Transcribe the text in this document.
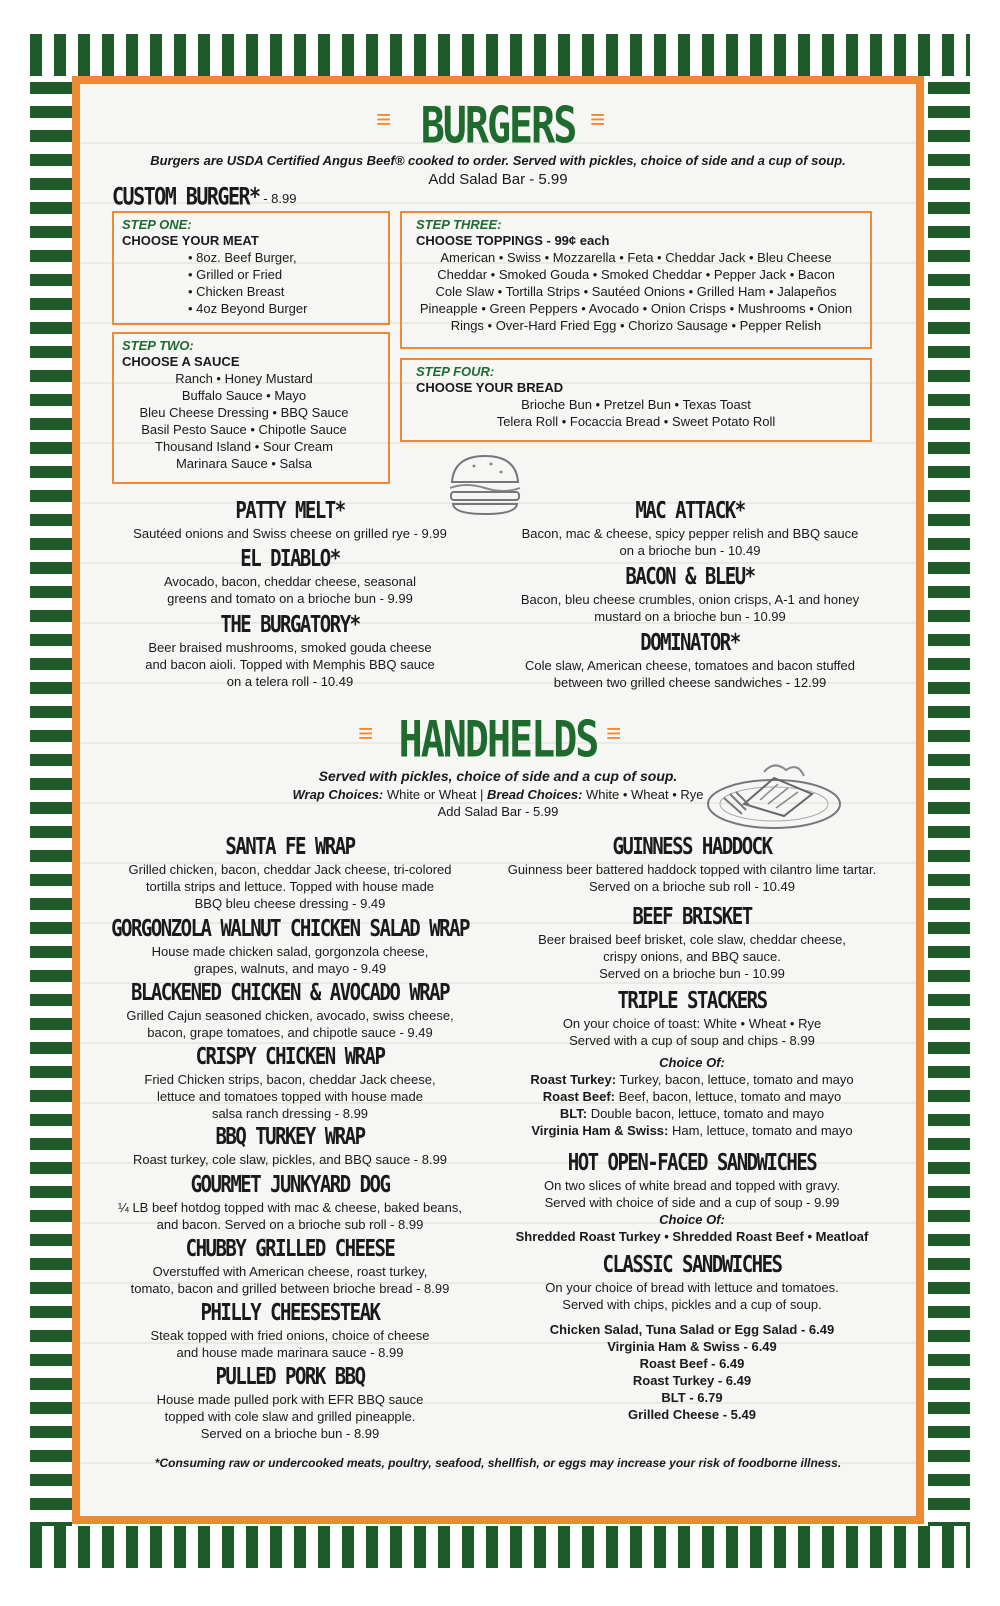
≡ BURGERS ≡
Burgers are USDA Certified Angus Beef® cooked to order. Served with pickles, choice of side and a cup of soup.
Add Salad Bar - 5.99
CUSTOM BURGER* - 8.99
STEP ONE:
CHOOSE YOUR MEAT
• 8oz. Beef Burger,
• Grilled or Fried
• Chicken Breast
• 4oz Beyond Burger
STEP TWO:
CHOOSE A SAUCE
Ranch • Honey Mustard
Buffalo Sauce • Mayo
Bleu Cheese Dressing • BBQ Sauce
Basil Pesto Sauce • Chipotle Sauce
Thousand Island • Sour Cream
Marinara Sauce • Salsa
STEP THREE:
CHOOSE TOPPINGS - 99¢ each
American • Swiss • Mozzarella • Feta • Cheddar Jack • Bleu Cheese
Cheddar • Smoked Gouda • Smoked Cheddar • Pepper Jack • Bacon
Cole Slaw • Tortilla Strips • Sautéed Onions • Grilled Ham • Jalapeños
Pineapple • Green Peppers • Avocado • Onion Crisps • Mushrooms • Onion
Rings • Over-Hard Fried Egg • Chorizo Sausage • Pepper Relish
STEP FOUR:
CHOOSE YOUR BREAD
Brioche Bun • Pretzel Bun • Texas Toast
Telera Roll • Focaccia Bread • Sweet Potato Roll
PATTY MELT*
Sautéed onions and Swiss cheese on grilled rye - 9.99
EL DIABLO*
Avocado, bacon, cheddar cheese, seasonal
greens and tomato on a brioche bun - 9.99
THE BURGATORY*
Beer braised mushrooms, smoked gouda cheese
and bacon aioli. Topped with Memphis BBQ sauce
on a telera roll - 10.49
MAC ATTACK*
Bacon, mac & cheese, spicy pepper relish and BBQ sauce
on a brioche bun - 10.49
BACON & BLEU*
Bacon, bleu cheese crumbles, onion crisps, A-1 and honey
mustard on a brioche bun - 10.99
DOMINATOR*
Cole slaw, American cheese, tomatoes and bacon stuffed
between two grilled cheese sandwiches - 12.99
≡ HANDHELDS ≡
Served with pickles, choice of side and a cup of soup.
Wrap Choices: White or Wheat | Bread Choices: White • Wheat • Rye
Add Salad Bar - 5.99
SANTA FE WRAP
Grilled chicken, bacon, cheddar Jack cheese, tri-colored
tortilla strips and lettuce. Topped with house made
BBQ bleu cheese dressing - 9.49
GORGONZOLA WALNUT CHICKEN SALAD WRAP
House made chicken salad, gorgonzola cheese,
grapes, walnuts, and mayo - 9.49
BLACKENED CHICKEN & AVOCADO WRAP
Grilled Cajun seasoned chicken, avocado, swiss cheese,
bacon, grape tomatoes, and chipotle sauce - 9.49
CRISPY CHICKEN WRAP
Fried Chicken strips, bacon, cheddar Jack cheese,
lettuce and tomatoes topped with house made
salsa ranch dressing - 8.99
BBQ TURKEY WRAP
Roast turkey, cole slaw, pickles, and BBQ sauce - 8.99
GOURMET JUNKYARD DOG
¼ LB beef hotdog topped with mac & cheese, baked beans,
and bacon. Served on a brioche sub roll - 8.99
CHUBBY GRILLED CHEESE
Overstuffed with American cheese, roast turkey,
tomato, bacon and grilled between brioche bread - 8.99
PHILLY CHEESESTEAK
Steak topped with fried onions, choice of cheese
and house made marinara sauce - 8.99
PULLED PORK BBQ
House made pulled pork with EFR BBQ sauce
topped with cole slaw and grilled pineapple.
Served on a brioche bun - 8.99
GUINNESS HADDOCK
Guinness beer battered haddock topped with cilantro lime tartar.
Served on a brioche sub roll - 10.49
BEEF BRISKET
Beer braised beef brisket, cole slaw, cheddar cheese,
crispy onions, and BBQ sauce.
Served on a brioche bun - 10.99
TRIPLE STACKERS
On your choice of toast: White • Wheat • Rye
Served with a cup of soup and chips - 8.99
Choice Of:
Roast Turkey: Turkey, bacon, lettuce, tomato and mayo
Roast Beef: Beef, bacon, lettuce, tomato and mayo
BLT: Double bacon, lettuce, tomato and mayo
Virginia Ham & Swiss: Ham, lettuce, tomato and mayo
HOT OPEN-FACED SANDWICHES
On two slices of white bread and topped with gravy.
Served with choice of side and a cup of soup - 9.99
Choice Of:
Shredded Roast Turkey • Shredded Roast Beef • Meatloaf
CLASSIC SANDWICHES
On your choice of bread with lettuce and tomatoes.
Served with chips, pickles and a cup of soup.
Chicken Salad, Tuna Salad or Egg Salad - 6.49
Virginia Ham & Swiss - 6.49
Roast Beef - 6.49
Roast Turkey - 6.49
BLT - 6.79
Grilled Cheese - 5.49
*Consuming raw or undercooked meats, poultry, seafood, shellfish, or eggs may increase your risk of foodborne illness.
